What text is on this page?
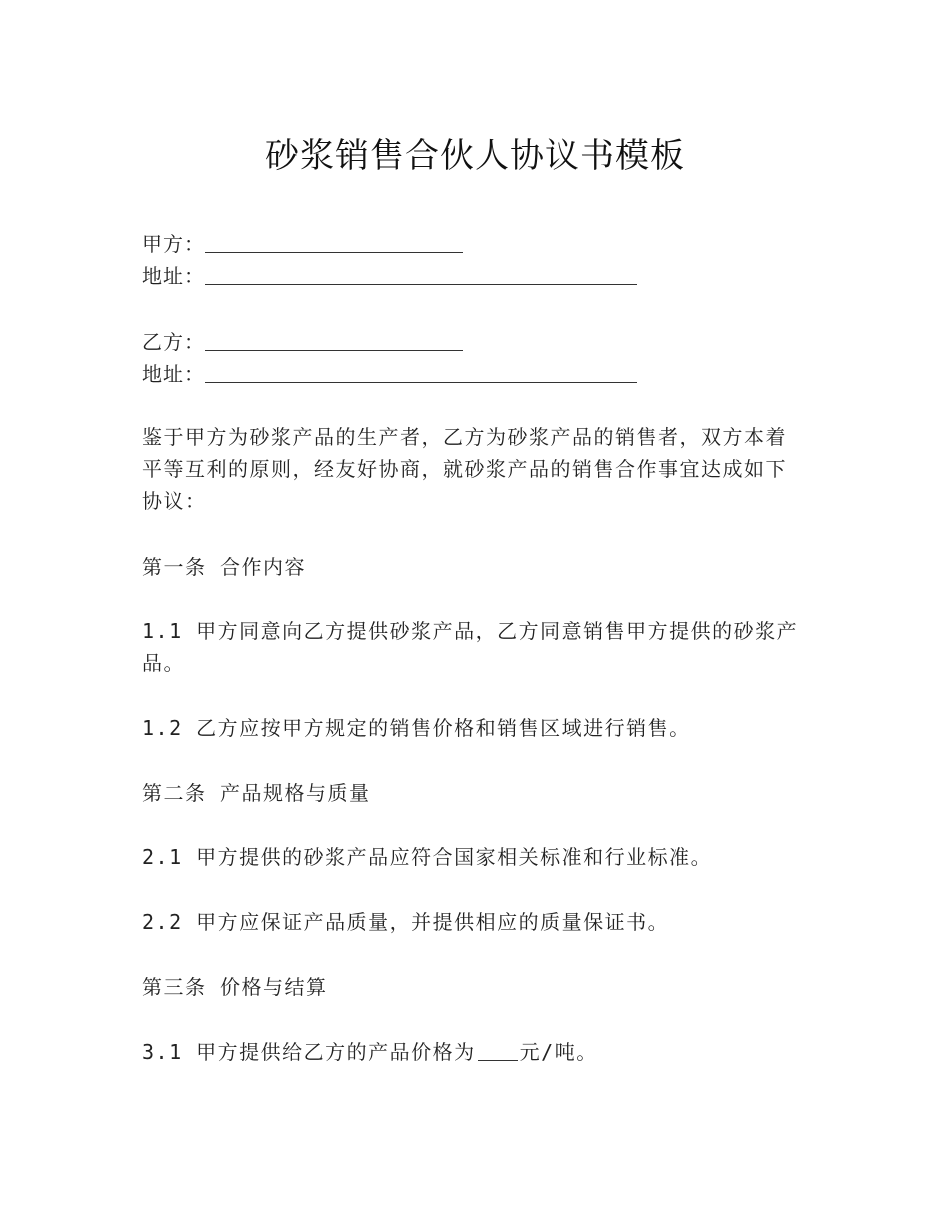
砂浆销售合伙人协议书模板
甲方：
地址：
乙方：
地址：
鉴于甲方为砂浆产品的生产者，乙方为砂浆产品的销售者，双方本着平等互利的原则，经友好协商，就砂浆产品的销售合作事宜达成如下协议：
第一条 合作内容
1.1 甲方同意向乙方提供砂浆产品，乙方同意销售甲方提供的砂浆产品。
1.2 乙方应按甲方规定的销售价格和销售区域进行销售。
第二条 产品规格与质量
2.1 甲方提供的砂浆产品应符合国家相关标准和行业标准。
2.2 甲方应保证产品质量，并提供相应的质量保证书。
第三条 价格与结算
3.1 甲方提供给乙方的产品价格为 元/吨。
